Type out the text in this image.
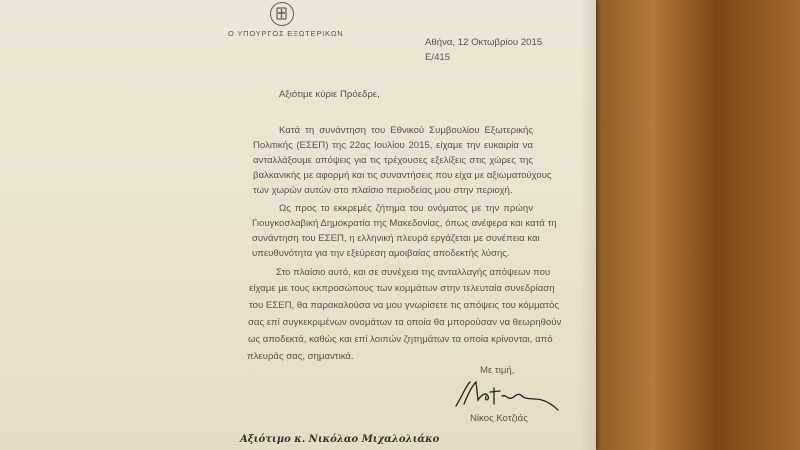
Ο ΥΠΟΥΡΓΟΣ ΕΞΩΤΕΡΙΚΩΝ
Αθήνα, 12 Οκτωβρίου 2015
Ε/415
Αξιότιμε κύριε Πρόεδρε,
Κατά τη συνάντηση του Εθνικού Συμβουλίου Εξωτερικής
Πολιτικής (ΕΣΕΠ) της 22ας Ιουλίου 2015, είχαμε την ευκαιρία να
ανταλλάξουμε απόψεις για τις τρέχουσες εξελίξεις στις χώρες της
βαλκανικής με αφορμή και τις συναντήσεις που είχα με αξιωματούχους
των χωρών αυτών στο πλαίσιο περιοδείας μου στην περιοχή.
Ως προς το εκκρεμές ζήτημα του ονόματος με την πρώην
Γιουγκοσλαβική Δημοκρατία της Μακεδονίας, όπως ανέφερα και κατά τη
συνάντηση του ΕΣΕΠ, η ελληνική πλευρά εργάζεται με συνέπεια και
υπευθυνότητα για την εξεύρεση αμοιβαίας αποδεκτής λύσης.
Στο πλαίσιο αυτό, και σε συνέχεια της ανταλλαγής απόψεων που
είχαμε με τους εκπροσώπους των κομμάτων στην τελευταία συνεδρίαση
του ΕΣΕΠ, θα παρακαλούσα να μου γνωρίσετε τις απόψεις του κόμματός
σας επί συγκεκριμένων ονομάτων τα οποία θα μπορούσαν να θεωρηθούν
ως αποδεκτά, καθώς και επί λοιπών ζητημάτων τα οποία κρίνονται, από
πλευράς σας, σημαντικά.
Με τιμή,
Νίκος Κοτζιάς
Αξιότιμο κ. Νικόλαο Μιχαλολιάκο
